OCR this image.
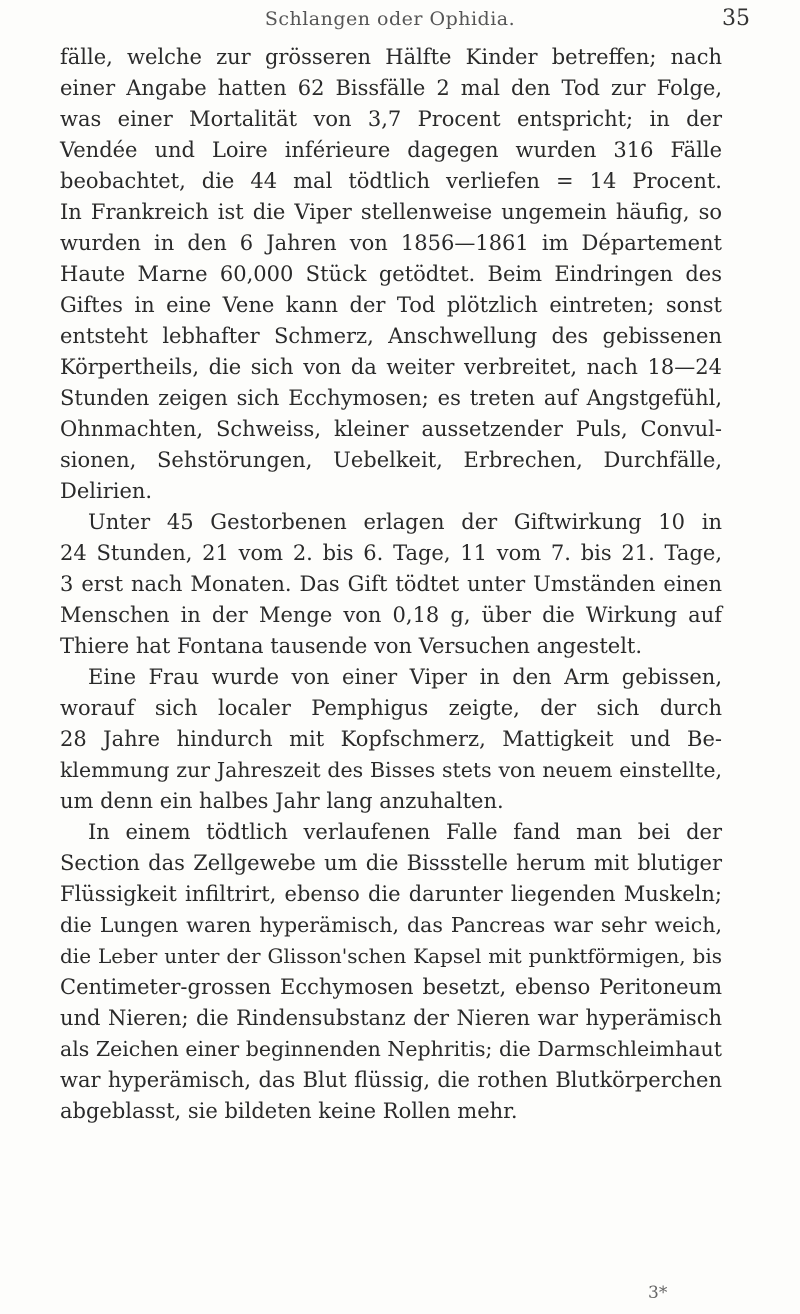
Schlangen oder Ophidia.	35
fälle, welche zur grösseren Hälfte Kinder betreffen; nach
einer Angabe hatten 62 Bissfälle 2 mal den Tod zur Folge,
was einer Mortalität von 3,7 Procent entspricht; in der
Vendée und Loire inférieure dagegen wurden 316 Fälle
beobachtet, die 44 mal tödtlich verliefen = 14 Procent.
In Frankreich ist die Viper stellenweise ungemein häufig, so
wurden in den 6 Jahren von 1856—1861 im Département
Haute Marne 60,000 Stück getödtet. Beim Eindringen des
Giftes in eine Vene kann der Tod plötzlich eintreten; sonst
entsteht lebhafter Schmerz, Anschwellung des gebissenen
Körpertheils, die sich von da weiter verbreitet, nach 18—24
Stunden zeigen sich Ecchymosen; es treten auf Angstgefühl,
Ohnmachten, Schweiss, kleiner aussetzender Puls, Convul-
sionen, Sehstörungen, Uebelkeit, Erbrechen, Durchfälle,
Delirien.
Unter 45 Gestorbenen erlagen der Giftwirkung 10 in
24 Stunden, 21 vom 2. bis 6. Tage, 11 vom 7. bis 21. Tage,
3 erst nach Monaten. Das Gift tödtet unter Umständen einen
Menschen in der Menge von 0,18 g, über die Wirkung auf
Thiere hat Fontana tausende von Versuchen angestelt.
Eine Frau wurde von einer Viper in den Arm gebissen,
worauf sich localer Pemphigus zeigte, der sich durch
28 Jahre hindurch mit Kopfschmerz, Mattigkeit und Be-
klemmung zur Jahreszeit des Bisses stets von neuem einstellte,
um denn ein halbes Jahr lang anzuhalten.
In einem tödtlich verlaufenen Falle fand man bei der
Section das Zellgewebe um die Bissstelle herum mit blutiger
Flüssigkeit infiltrirt, ebenso die darunter liegenden Muskeln;
die Lungen waren hyperämisch, das Pancreas war sehr weich,
die Leber unter der Glisson'schen Kapsel mit punktförmigen, bis
Centimeter-grossen Ecchymosen besetzt, ebenso Peritoneum
und Nieren; die Rindensubstanz der Nieren war hyperämisch
als Zeichen einer beginnenden Nephritis; die Darmschleimhaut
war hyperämisch, das Blut flüssig, die rothen Blutkörperchen
abgeblasst, sie bildeten keine Rollen mehr.
3*
